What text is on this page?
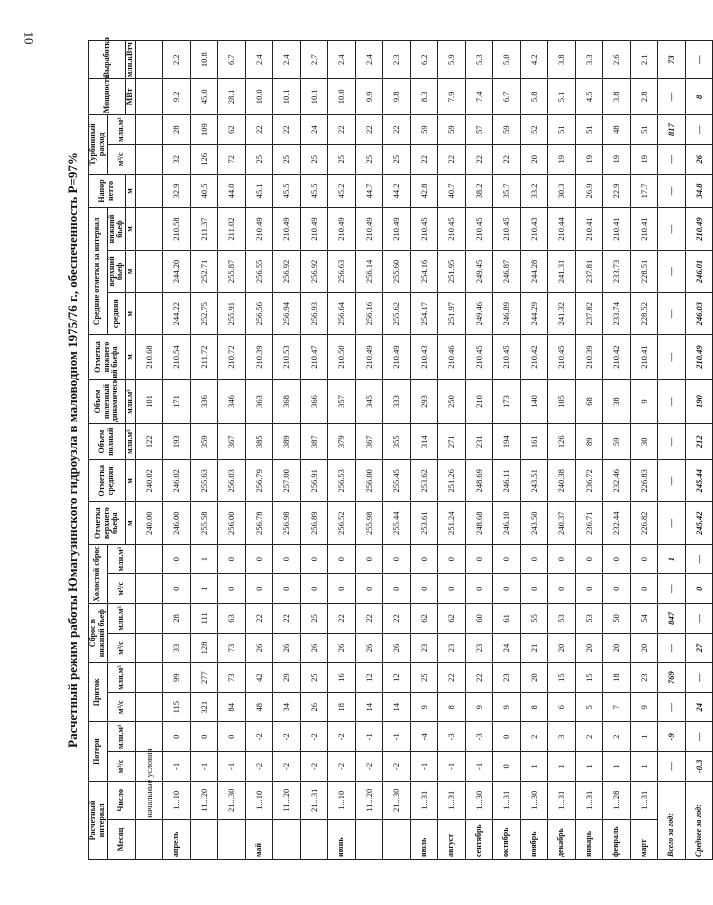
10
Расчетный режим работы Юмагузинского гидроузла в маловодном 1975/76 г., обеспеченность Р=97%
Расчетный интервал		Потери		Приток		Сброс в нижний бьеф		Холостой сброс		Отметка верхнего бьефа	Отметка средняя	Объем полный	Объем полезный динамический	Отметка нижнего бьефа	Средние отметки за интервал			Напор нетто	Турбинный расход		Мощность	Выработка
Месяц	Число	м³/с	млн.м³	м³/с	млн.м³	м³/с	млн.м³	м³/с	млн.м³						средняя	верхний бьеф	нижний бьеф		м³/с	млн.м³		
										м	м	млн.м³	млн.м³	м	м	м	м	м			МВт	млн.кВтч
	начальные условия									240.00	240.02	122	101	210.68								
апрель	1...10	-1	0	115	99	33	28	0	0	246.00	246.02	193	171	210.54	244.22	244.20	210.58	32.9	32	28	9.2	2.2
	11...20	-1	0	321	277	128	111	1	1	255.58	255.63	359	336	211.72	252.75	252.71	211.37	40.5	126	109	45.0	10.8
	21...30	-1	0	84	73	73	63	0	0	256.00	256.03	367	346	210.72	255.91	255.87	211.02	44.0	72	62	28.1	6.7
май	1...10	-2	-2	48	42	26	22	0	0	256.78	256.79	385	363	210.39	256.56	256.55	210.49	45.1	25	22	10.0	2.4
	11...20	-2	-2	34	29	26	22	0	0	256.98	257.00	389	368	210.53	256.94	256.92	210.49	45.5	25	22	10.1	2.4
	21...31	-2	-2	26	25	26	25	0	0	256.89	256.91	387	366	210.47	256.93	256.92	210.49	45.5	25	24	10.1	2.7
июнь	1...10	-2	-2	18	16	26	22	0	0	256.52	256.53	379	357	210.50	256.64	256.63	210.49	45.2	25	22	10.0	2.4
	11...20	-2	-1	14	12	26	22	0	0	255.98	256.00	367	345	210.49	256.16	256.14	210.49	44.7	25	22	9.9	2.4
	21...30	-2	-1	14	12	26	22	0	0	255.44	255.45	355	333	210.49	255.62	255.60	210.49	44.2	25	22	9.8	2.3
июль	1...31	-1	-4	9	25	23	62	0	0	253.61	253.62	314	293	210.43	254.17	254.16	210.45	42.8	22	59	8.3	6.2
август	1...31	-1	-3	8	22	23	62	0	0	251.24	251.26	271	250	210.46	251.97	251.95	210.45	40.7	22	59	7.9	5.9
сентябрь	1...30	-1	-3	9	22	23	60	0	0	248.68	248.69	231	210	210.45	249.46	249.45	210.45	38.2	22	57	7.4	5.3
октябрь	1...31	0	0	9	23	24	61	0	0	246.10	246.11	194	173	210.45	246.89	246.87	210.45	35.7	22	59	6.7	5.0
ноябрь	1...30	1	2	8	20	21	55	0	0	243.50	243.51	161	140	210.42	244.29	244.28	210.43	33.2	20	52	5.8	4.2
декабрь	1...31	1	3	6	15	20	53	0	0	240.37	240.38	126	105	210.45	241.32	241.31	210.44	30.3	19	51	5.1	3.8
январь	1...31	1	2	5	15	20	53	0	0	236.71	236.72	89	68	210.39	237.82	237.81	210.41	26.9	19	51	4.5	3.3
февраль	1...28	1	2	7	18	20	50	0	0	232.44	232.46	59	38	210.42	233.74	233.73	210.41	22.9	19	48	3.8	2.6
март	1...31	1	1	9	23	20	54	0	0	226.82	226.83	30	9	210.41	228.52	228.51	210.41	17.7	19	51	2.8	2.1
Всего за год:		—	-9	—	769	—	847	—	1	—	—	—	—	—	—	—	—	—	—	817	—	73
Среднее за год:		-0.3	—	24	—	27	—	0	—	245.42	245.44	212	190	210.49	246.03	246.01	210.49	34.8	26	—	8	—
